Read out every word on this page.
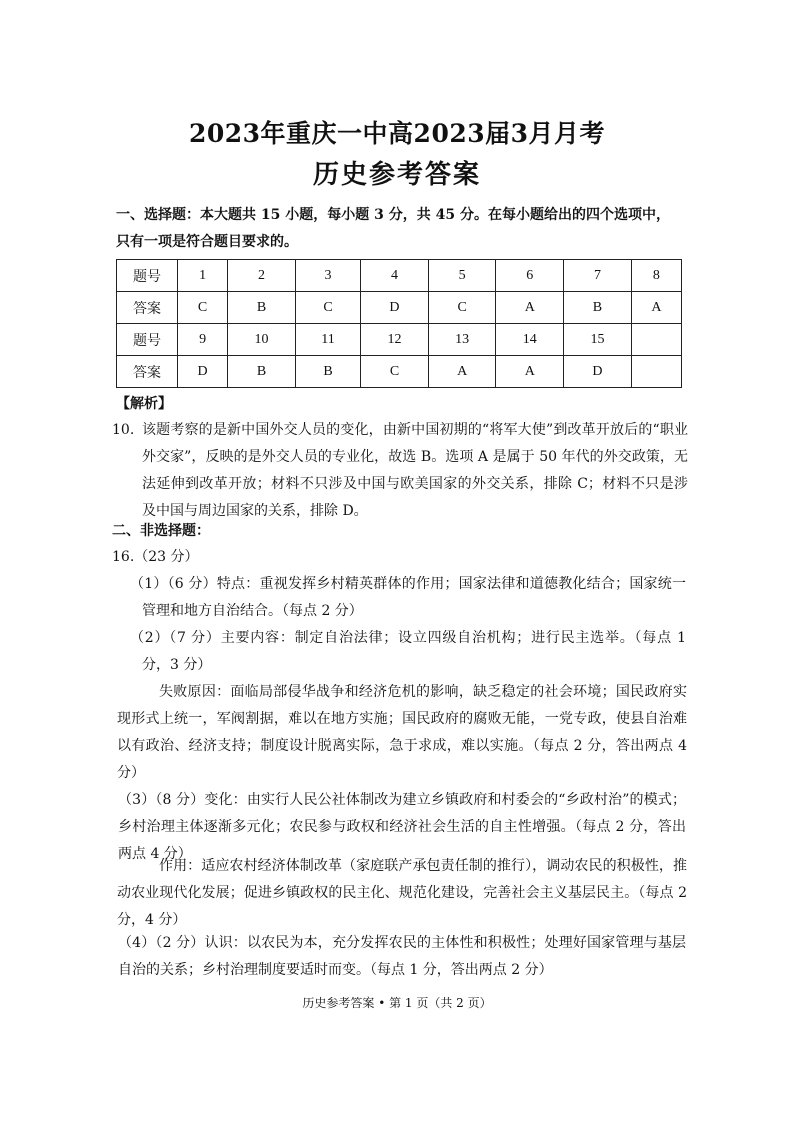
2023年重庆一中高2023届3月月考
历史参考答案
一、选择题：本大题共 15 小题，每小题 3 分，共 45 分。在每小题给出的四个选项中，只有一项是符合题目要求的。
题号	1	2	3	4	5	6	7	8
答案	C	B	C	D	C	A	B	A
题号	9	10	11	12	13	14	15	
答案	D	B	B	C	A	A	D	
【解析】
10. 该题考察的是新中国外交人员的变化，由新中国初期的“将军大使”到改革开放后的“职业外交家”，反映的是外交人员的专业化，故选 B。选项 A 是属于 50 年代的外交政策，无法延伸到改革开放；材料不只涉及中国与欧美国家的外交关系，排除 C；材料不只是涉及中国与周边国家的关系，排除 D。
二、非选择题：
16.（23 分）
（1）（6 分）特点：重视发挥乡村精英群体的作用；国家法律和道德教化结合；国家统一管理和地方自治结合。（每点 2 分）
（2）（7 分）主要内容：制定自治法律；设立四级自治机构；进行民主选举。（每点 1 分，3 分）
失败原因：面临局部侵华战争和经济危机的影响，缺乏稳定的社会环境；国民政府实现形式上统一，军阀割据，难以在地方实施；国民政府的腐败无能，一党专政，使县自治难以有政治、经济支持；制度设计脱离实际，急于求成，难以实施。（每点 2 分，答出两点 4 分）
（3）（8 分）变化：由实行人民公社体制改为建立乡镇政府和村委会的“乡政村治”的模式；乡村治理主体逐渐多元化；农民参与政权和经济社会生活的自主性增强。（每点 2 分，答出两点 4 分）
作用：适应农村经济体制改革（家庭联产承包责任制的推行），调动农民的积极性，推动农业现代化发展；促进乡镇政权的民主化、规范化建设，完善社会主义基层民主。（每点 2 分，4 分）
（4）（2 分）认识：以农民为本，充分发挥农民的主体性和积极性；处理好国家管理与基层自治的关系；乡村治理制度要适时而变。（每点 1 分，答出两点 2 分）
历史参考答案 • 第 1 页（共 2 页）
